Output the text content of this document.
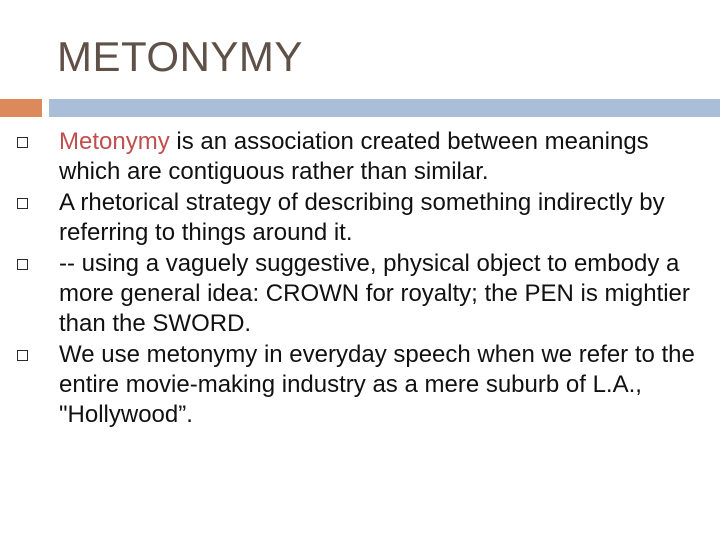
METONYMY
Metonymy is an association created between meanings which are contiguous rather than similar.
A rhetorical strategy of describing something indirectly by referring to things around it.
-- using a vaguely suggestive, physical object to embody a more general idea: CROWN for royalty; the PEN is mightier than the SWORD.
We use metonymy in everyday speech when we refer to the entire movie-making industry as a mere suburb of L.A., "Hollywood”.
